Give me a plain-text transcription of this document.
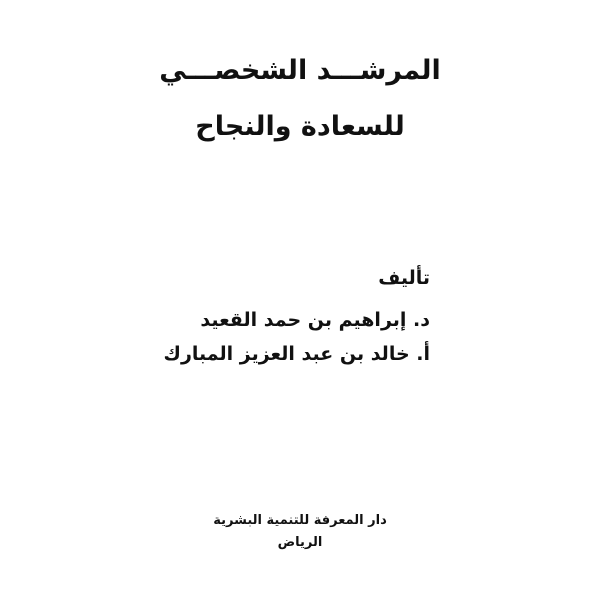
المرشـــد الشخصـــي
للسعادة والنجاح
تأليف
د. إبراهيم بن حمد القعيد
أ. خالد بن عبد العزيز المبارك
دار المعرفة للتنمية البشرية
الرياض
